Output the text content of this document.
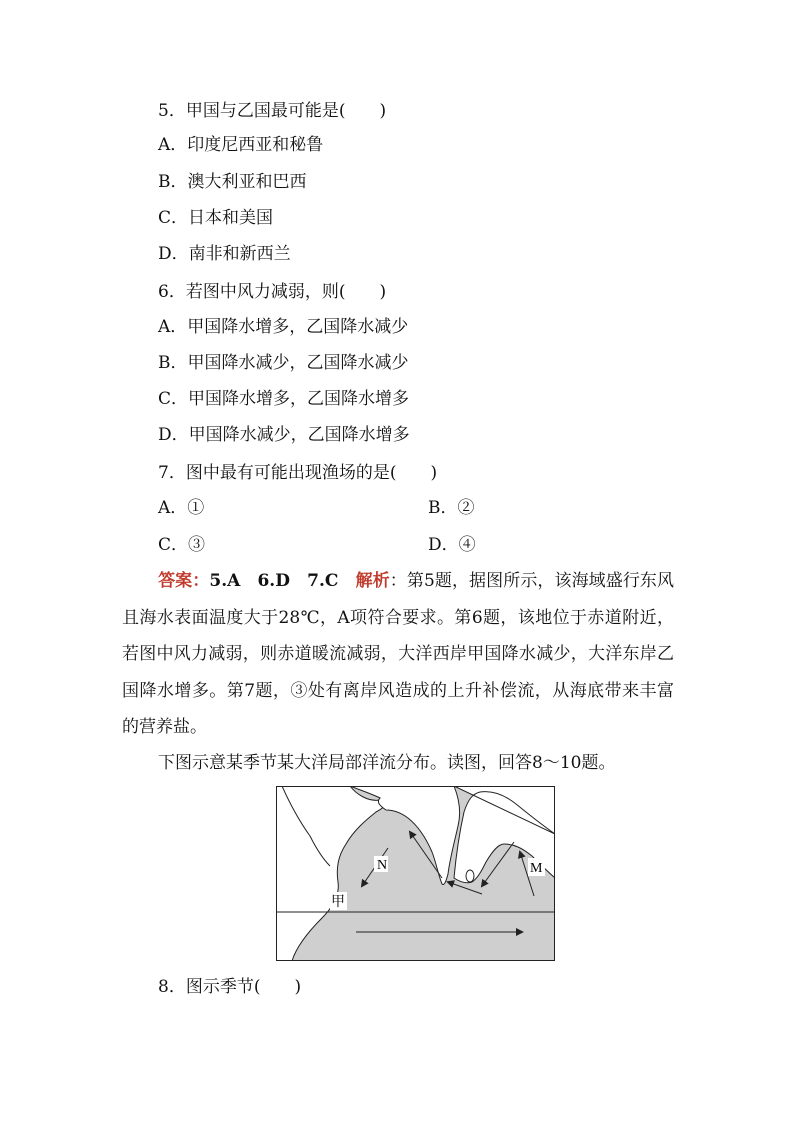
5．甲国与乙国最可能是(　　)
A．印度尼西亚和秘鲁
B．澳大利亚和巴西
C．日本和美国
D．南非和新西兰
6．若图中风力减弱，则(　　)
A．甲国降水增多，乙国降水减少
B．甲国降水减少，乙国降水减少
C．甲国降水增多，乙国降水增多
D．甲国降水减少，乙国降水增多
7．图中最有可能出现渔场的是(　　)
A．①	B．②
C．③	D．④
答案：5.A　6.D　7.C　 解析：第5题，据图所示，该海域盛行东风且海水表面温度大于28℃，A项符合要求。第6题，该地位于赤道附近，若图中风力减弱，则赤道暖流减弱，大洋西岸甲国降水减少，大洋东岸乙国降水增多。第7题，③处有离岸风造成的上升补偿流，从海底带来丰富的营养盐。
下图示意某季节某大洋局部洋流分布。读图，回答8～10题。
N	M
甲
8．图示季节(　　)
